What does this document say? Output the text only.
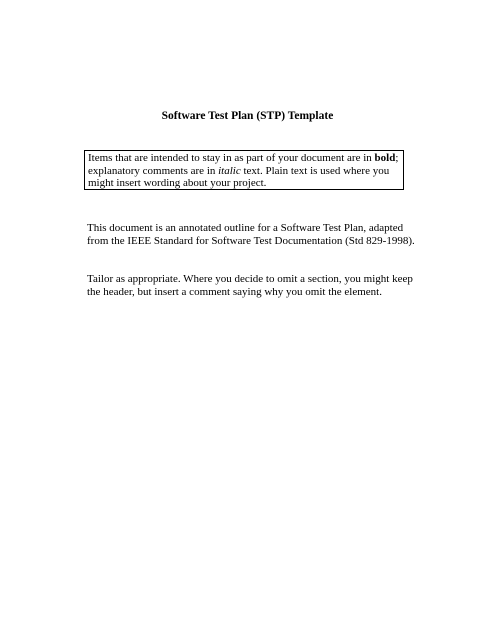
Software Test Plan (STP) Template

Items that are intended to stay in as part of your document are in bold; explanatory comments are in italic text. Plain text is used where you might insert wording about your project.

This document is an annotated outline for a Software Test Plan, adapted from the IEEE Standard for Software Test Documentation (Std 829-1998).

Tailor as appropriate. Where you decide to omit a section, you might keep the header, but insert a comment saying why you omit the element.
